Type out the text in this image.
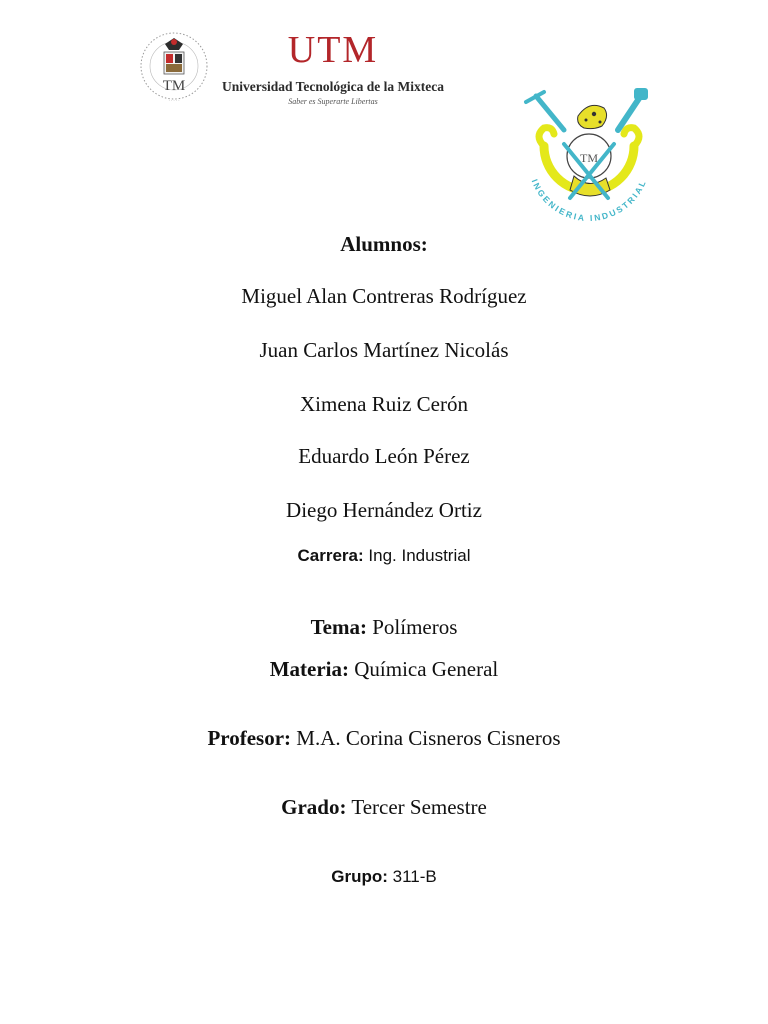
TM
· · · · ·
UTM
Universidad Tecnológica de la Mixteca
Saber es Superarte Libertas
TM
INGENIERIA INDUSTRIAL
Alumnos:
Miguel Alan Contreras Rodríguez
Juan Carlos Martínez Nicolás
Ximena Ruiz Cerón
Eduardo León Pérez
Diego Hernández Ortiz
Carrera: Ing. Industrial
Tema: Polímeros
Materia: Química General
Profesor: M.A. Corina Cisneros Cisneros
Grado: Tercer Semestre
Grupo: 311-B
